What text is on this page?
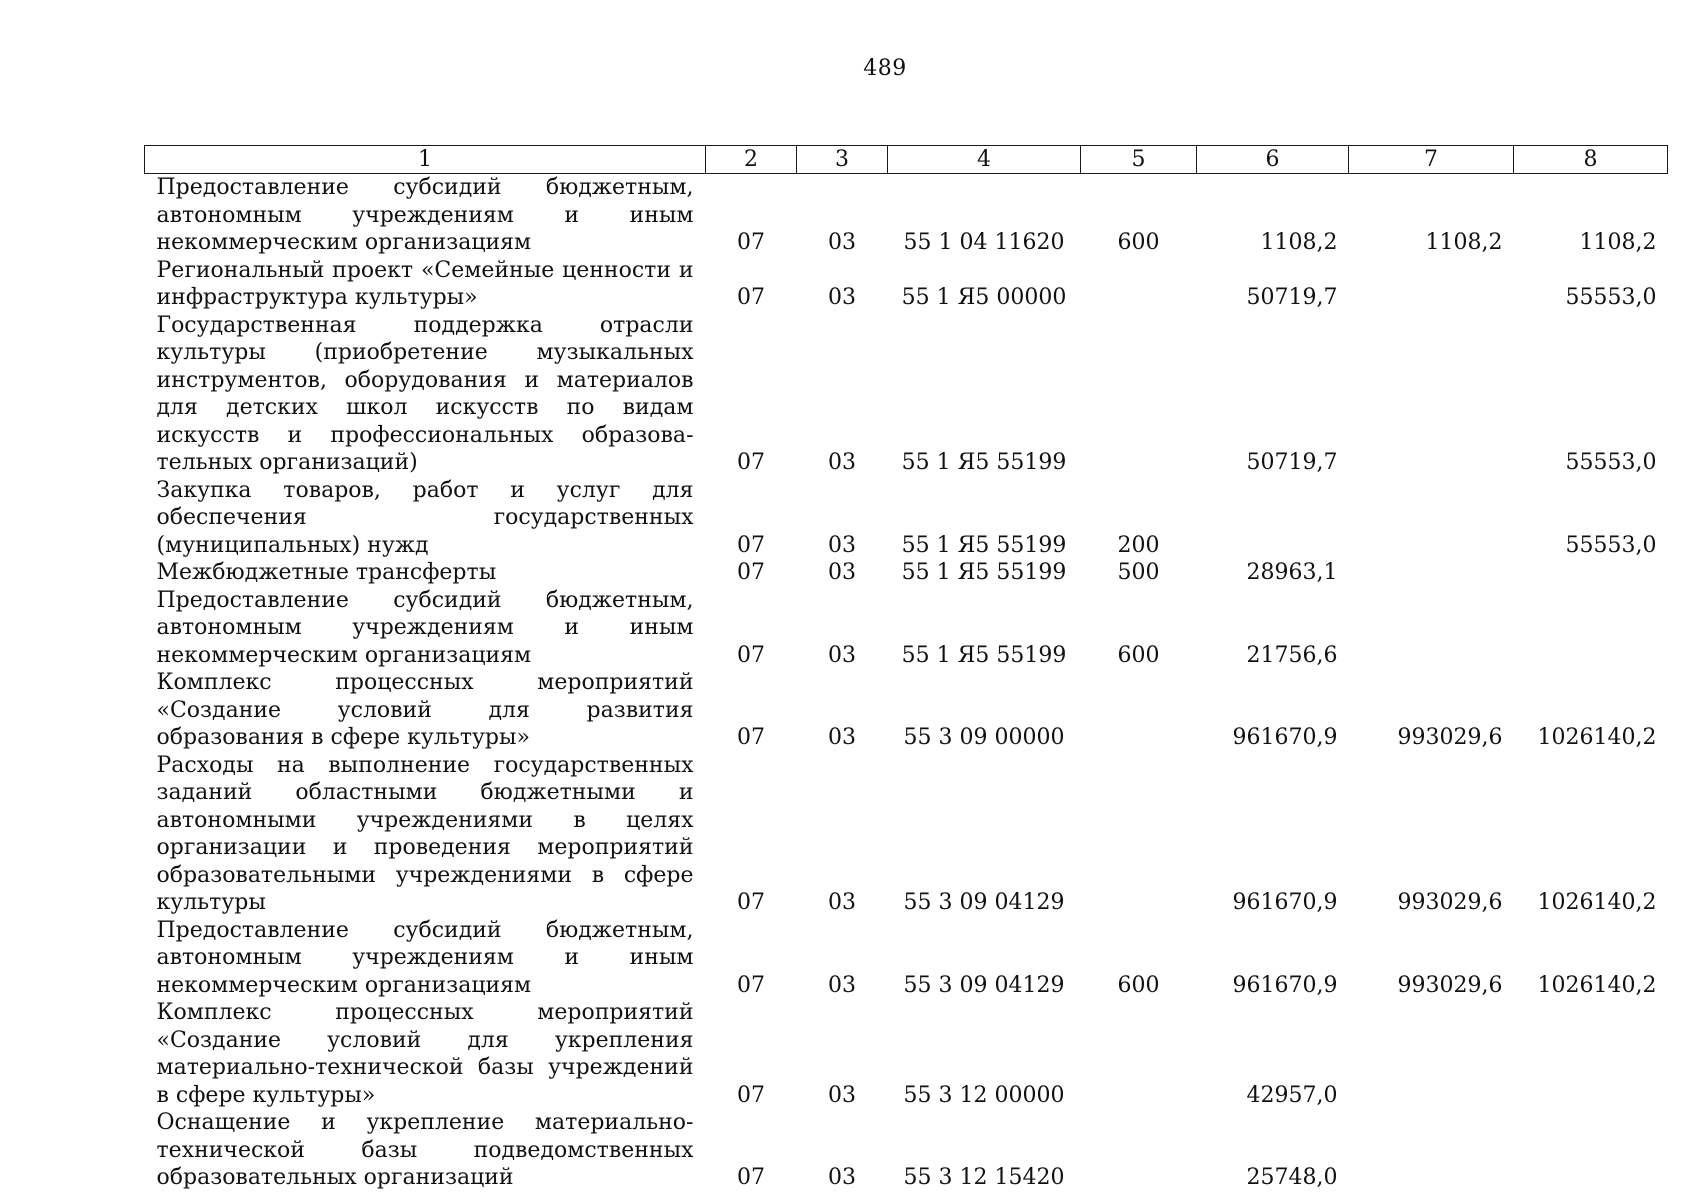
489
1	2	3	4	5	6	7	8
Предоставление субсидий бюджетным, автономным учреждениям и иным некоммерческим организациям	07	03	55 1 04 11620	600	1108,2	1108,2	1108,2
Региональный проект «Семейные ценности и инфраструктура культуры»	07	03	55 1 Я5 00000		50719,7		55553,0
Государственная поддержка отрасли культуры (приобретение музыкальных инструментов, оборудования и материалов для детских школ искусств по видам искусств и профессиональных образовательных организаций)	07	03	55 1 Я5 55199		50719,7		55553,0
Закупка товаров, работ и услуг для обеспечения государственных (муниципальных) нужд	07	03	55 1 Я5 55199	200			55553,0
Межбюджетные трансферты	07	03	55 1 Я5 55199	500	28963,1		
Предоставление субсидий бюджетным, автономным учреждениям и иным некоммерческим организациям	07	03	55 1 Я5 55199	600	21756,6		
Комплекс процессных мероприятий «Создание условий для развития образования в сфере культуры»	07	03	55 3 09 00000		961670,9	993029,6	1026140,2
Расходы на выполнение государственных заданий областными бюджетными и автономными учреждениями в целях организации и проведения мероприятий образовательными учреждениями в сфере культуры	07	03	55 3 09 04129		961670,9	993029,6	1026140,2
Предоставление субсидий бюджетным, автономным учреждениям и иным некоммерческим организациям	07	03	55 3 09 04129	600	961670,9	993029,6	1026140,2
Комплекс процессных мероприятий «Создание условий для укрепления материально-технической базы учреждений в сфере культуры»	07	03	55 3 12 00000		42957,0		
Оснащение и укрепление материально-технической базы подведомственных образовательных организаций	07	03	55 3 12 15420		25748,0		
